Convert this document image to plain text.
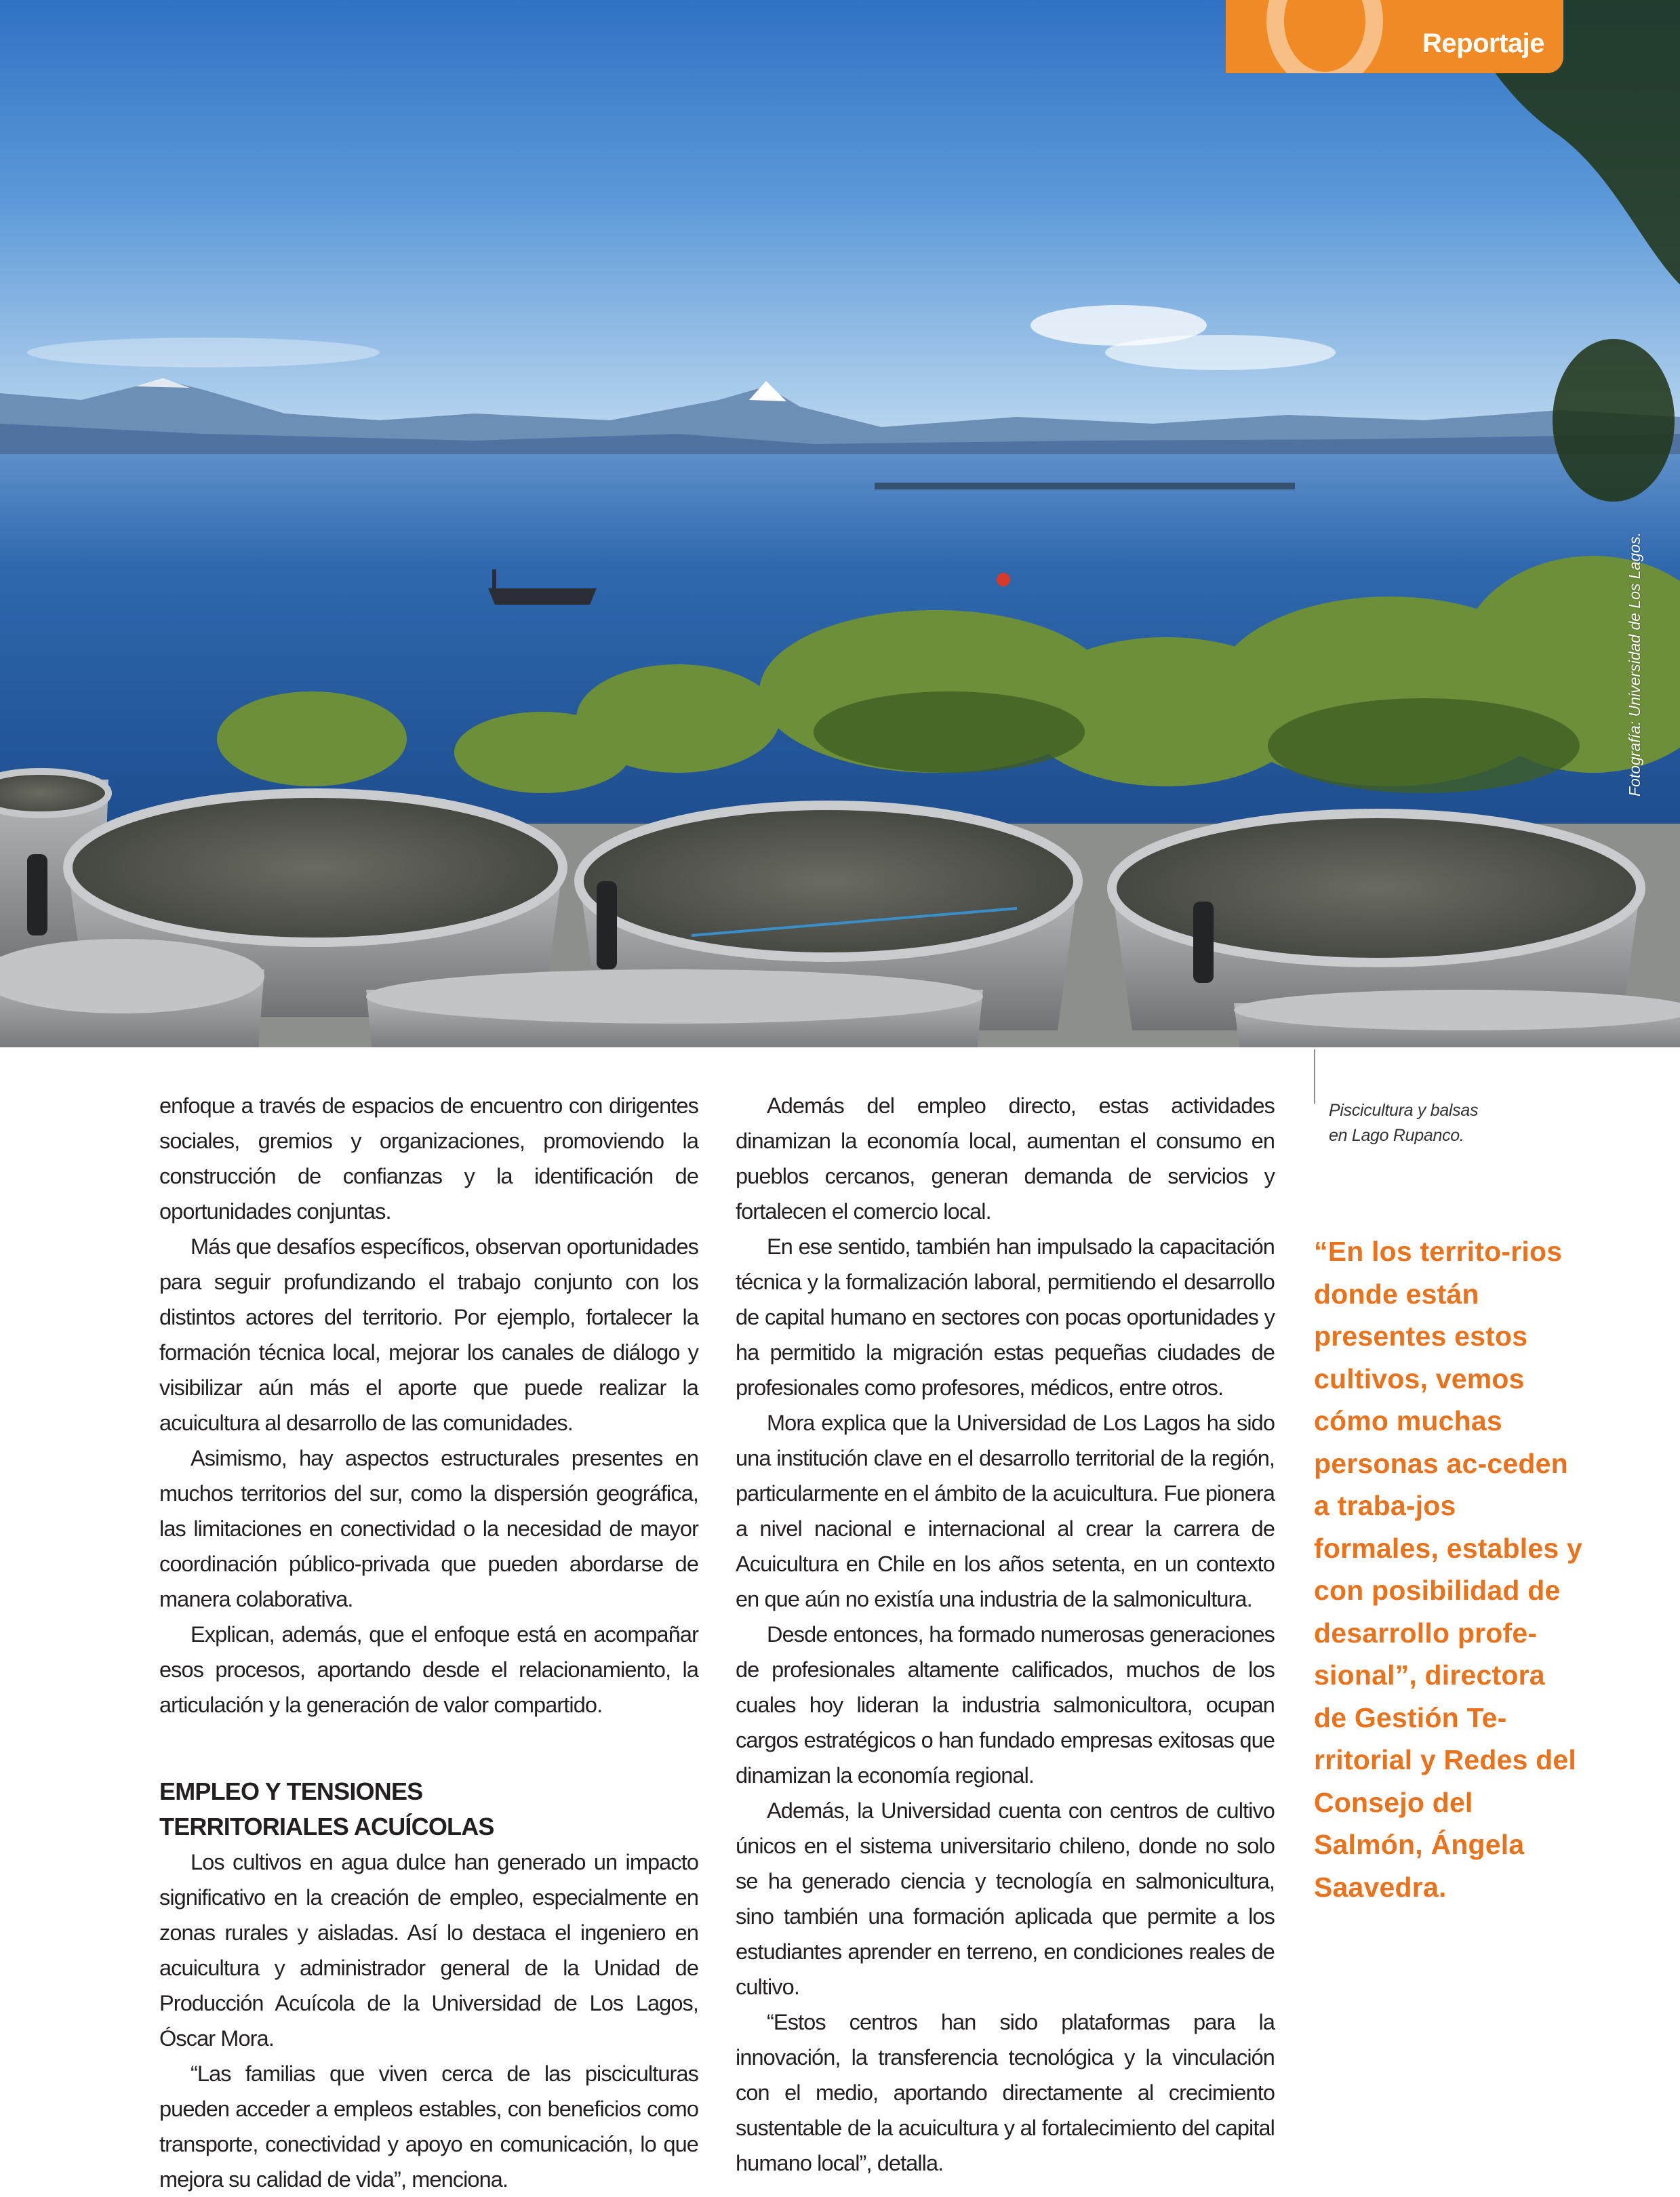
Reportaje
Fotografía: Universidad de Los Lagos.

enfoque a través de espacios de encuentro con dirigentes sociales, gremios y organizaciones, promoviendo la construcción de confianzas y la identificación de oportunidades conjuntas.

Más que desafíos específicos, observan oportunidades para seguir profundizando el trabajo conjunto con los distintos actores del territorio. Por ejemplo, fortalecer la formación técnica local, mejorar los canales de diálogo y visibilizar aún más el aporte que puede realizar la acuicultura al desarrollo de las comunidades.

Asimismo, hay aspectos estructurales presentes en muchos territorios del sur, como la dispersión geográfica, las limitaciones en conectividad o la necesidad de mayor coordinación público-privada que pueden abordarse de manera colaborativa.

Explican, además, que el enfoque está en acompañar esos procesos, aportando desde el relacionamiento, la articulación y la generación de valor compartido.

EMPLEO Y TENSIONES
TERRITORIALES ACUÍCOLAS

Los cultivos en agua dulce han generado un impacto significativo en la creación de empleo, especialmente en zonas rurales y aisladas. Así lo destaca el ingeniero en acuicultura y administrador general de la Unidad de Producción Acuícola de la Universidad de Los Lagos, Óscar Mora.

“Las familias que viven cerca de las pisciculturas pueden acceder a empleos estables, con beneficios como transporte, conectividad y apoyo en comunicación, lo que mejora su calidad de vida”, menciona.

Además del empleo directo, estas actividades dinamizan la economía local, aumentan el consumo en pueblos cercanos, generan demanda de servicios y fortalecen el comercio local.

En ese sentido, también han impulsado la capacitación técnica y la formalización laboral, permitiendo el desarrollo de capital humano en sectores con pocas oportunidades y ha permitido la migración estas pequeñas ciudades de profesionales como profesores, médicos, entre otros.

Mora explica que la Universidad de Los Lagos ha sido una institución clave en el desarrollo territorial de la región, particularmente en el ámbito de la acuicultura. Fue pionera a nivel nacional e internacional al crear la carrera de Acuicultura en Chile en los años setenta, en un contexto en que aún no existía una industria de la salmonicultura.

Desde entonces, ha formado numerosas generaciones de profesionales altamente calificados, muchos de los cuales hoy lideran la industria salmonicultora, ocupan cargos estratégicos o han fundado empresas exitosas que dinamizan la economía regional.

Además, la Universidad cuenta con centros de cultivo únicos en el sistema universitario chileno, donde no solo se ha generado ciencia y tecnología en salmonicultura, sino también una formación aplicada que permite a los estudiantes aprender en terreno, en condiciones reales de cultivo.

“Estos centros han sido plataformas para la innovación, la transferencia tecnológica y la vinculación con el medio, aportando directamente al crecimiento sustentable de la acuicultura y al fortalecimiento del capital humano local”, detalla.

Piscicultura y balsas
en Lago Rupanco.
“En los territo-rios donde están presentes estos cultivos, vemos cómo muchas personas ac-ceden a traba-jos formales, estables y con posibilidad de desarrollo profe-sional”, directora de Gestión Te-rritorial y Redes del Consejo del Salmón, Ángela Saavedra.
